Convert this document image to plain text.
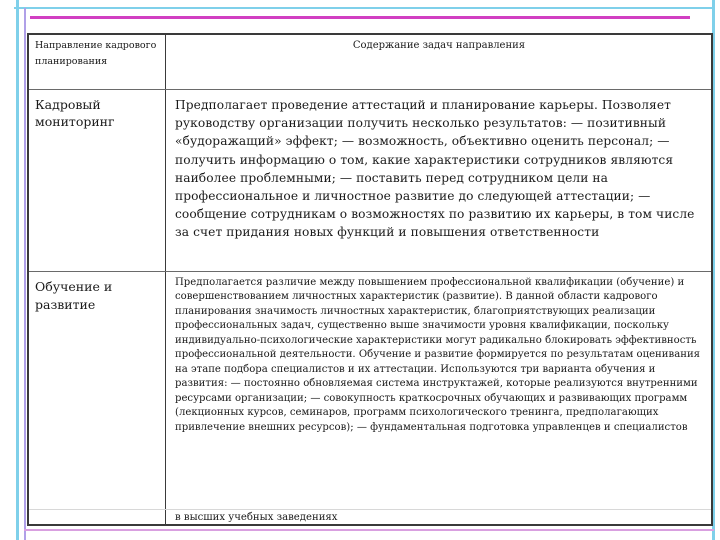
Направление кадрового планирования
Содержание задач направления
Кадровый мониторинг
Предполагает проведение аттестаций и планирование карьеры. Позволяет руководству организации получить несколько результатов: — позитивный «будоражащий» эффект; — возможность, объективно оценить персонал; — получить информацию о том, какие характеристики сотрудников являются наиболее проблемными; — поставить перед сотрудником цели на профессиональное и личностное развитие до следующей аттестации; — сообщение сотрудникам о возможностях по развитию их карьеры, в том числе за счет придания новых функций и повышения ответственности
Обучение и развитие
Предполагается различие между повышением профессиональной квалификации (обучение) и совершенствованием личностных характеристик (развитие). В данной области кадрового планирования значимость личностных характеристик, благоприятствующих реализации профессиональных задач, существенно выше значимости уровня квалификации, поскольку индивидуально-психологические характеристики могут радикально блокировать эффективность профессиональной деятельности. Обучение и развитие формируется по результатам оценивания на этапе подбора специалистов и их аттестации. Используются три варианта обучения и развития: — постоянно обновляемая система инструктажей, которые реализуются внутренними ресурсами организации; — совокупность краткосрочных обучающих и развивающих программ (лекционных курсов, семинаров, программ психологического тренинга, предполагающих привлечение внешних ресурсов); — фундаментальная подготовка управленцев и специалистов
в высших учебных заведениях
